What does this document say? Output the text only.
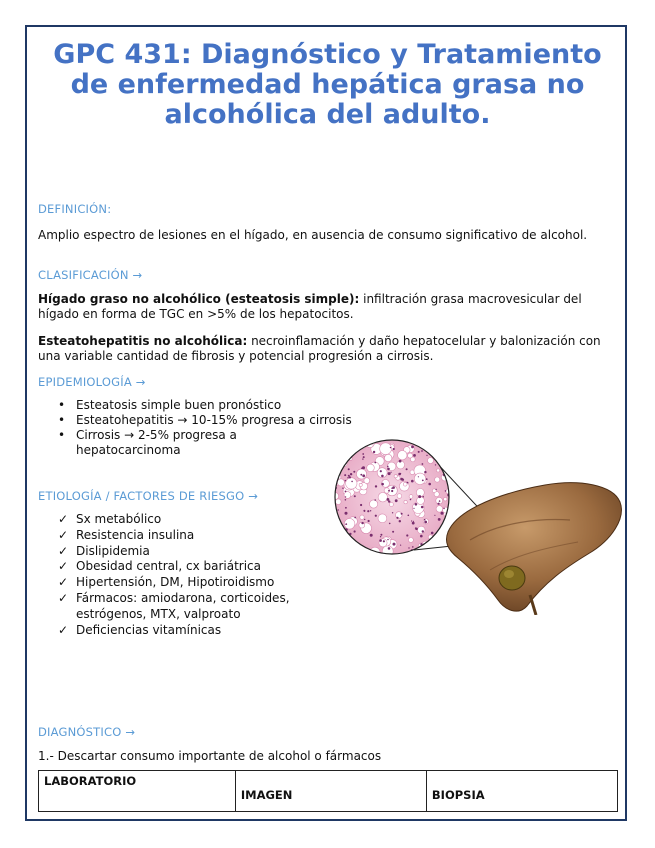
GPC 431: Diagnóstico y Tratamiento de enfermedad hepática grasa no alcohólica del adulto.
DEFINICIÓN:

Amplio espectro de lesiones en el hígado, en ausencia de consumo significativo de alcohol.

CLASIFICACIÓN →

Hígado graso no alcohólico (esteatosis simple): infiltración grasa macrovesicular del hígado en forma de TGC en >5% de los hepatocitos.

Esteatohepatitis no alcohólica: necroinflamación y daño hepatocelular y balonización con una variable cantidad de fibrosis y potencial progresión a cirrosis.

EPIDEMIOLOGÍA →
• Esteatosis simple buen pronóstico
• Esteatohepatitis → 10-15% progresa a cirrosis
• Cirrosis → 2-5% progresa a hepatocarcinoma
ETIOLOGÍA / FACTORES DE RIESGO →
✓ Sx metabólico
✓ Resistencia insulina
✓ Dislipidemia
✓ Obesidad central, cx bariátrica
✓ Hipertensión, DM, Hipotiroidismo
✓ Fármacos: amiodarona, corticoides, estrógenos, MTX, valproato
✓ Deficiencias vitamínicas
DIAGNÓSTICO →

1.- Descartar consumo importante de alcohol o fármacos

LABORATORIO	IMAGEN	BIOPSIA
